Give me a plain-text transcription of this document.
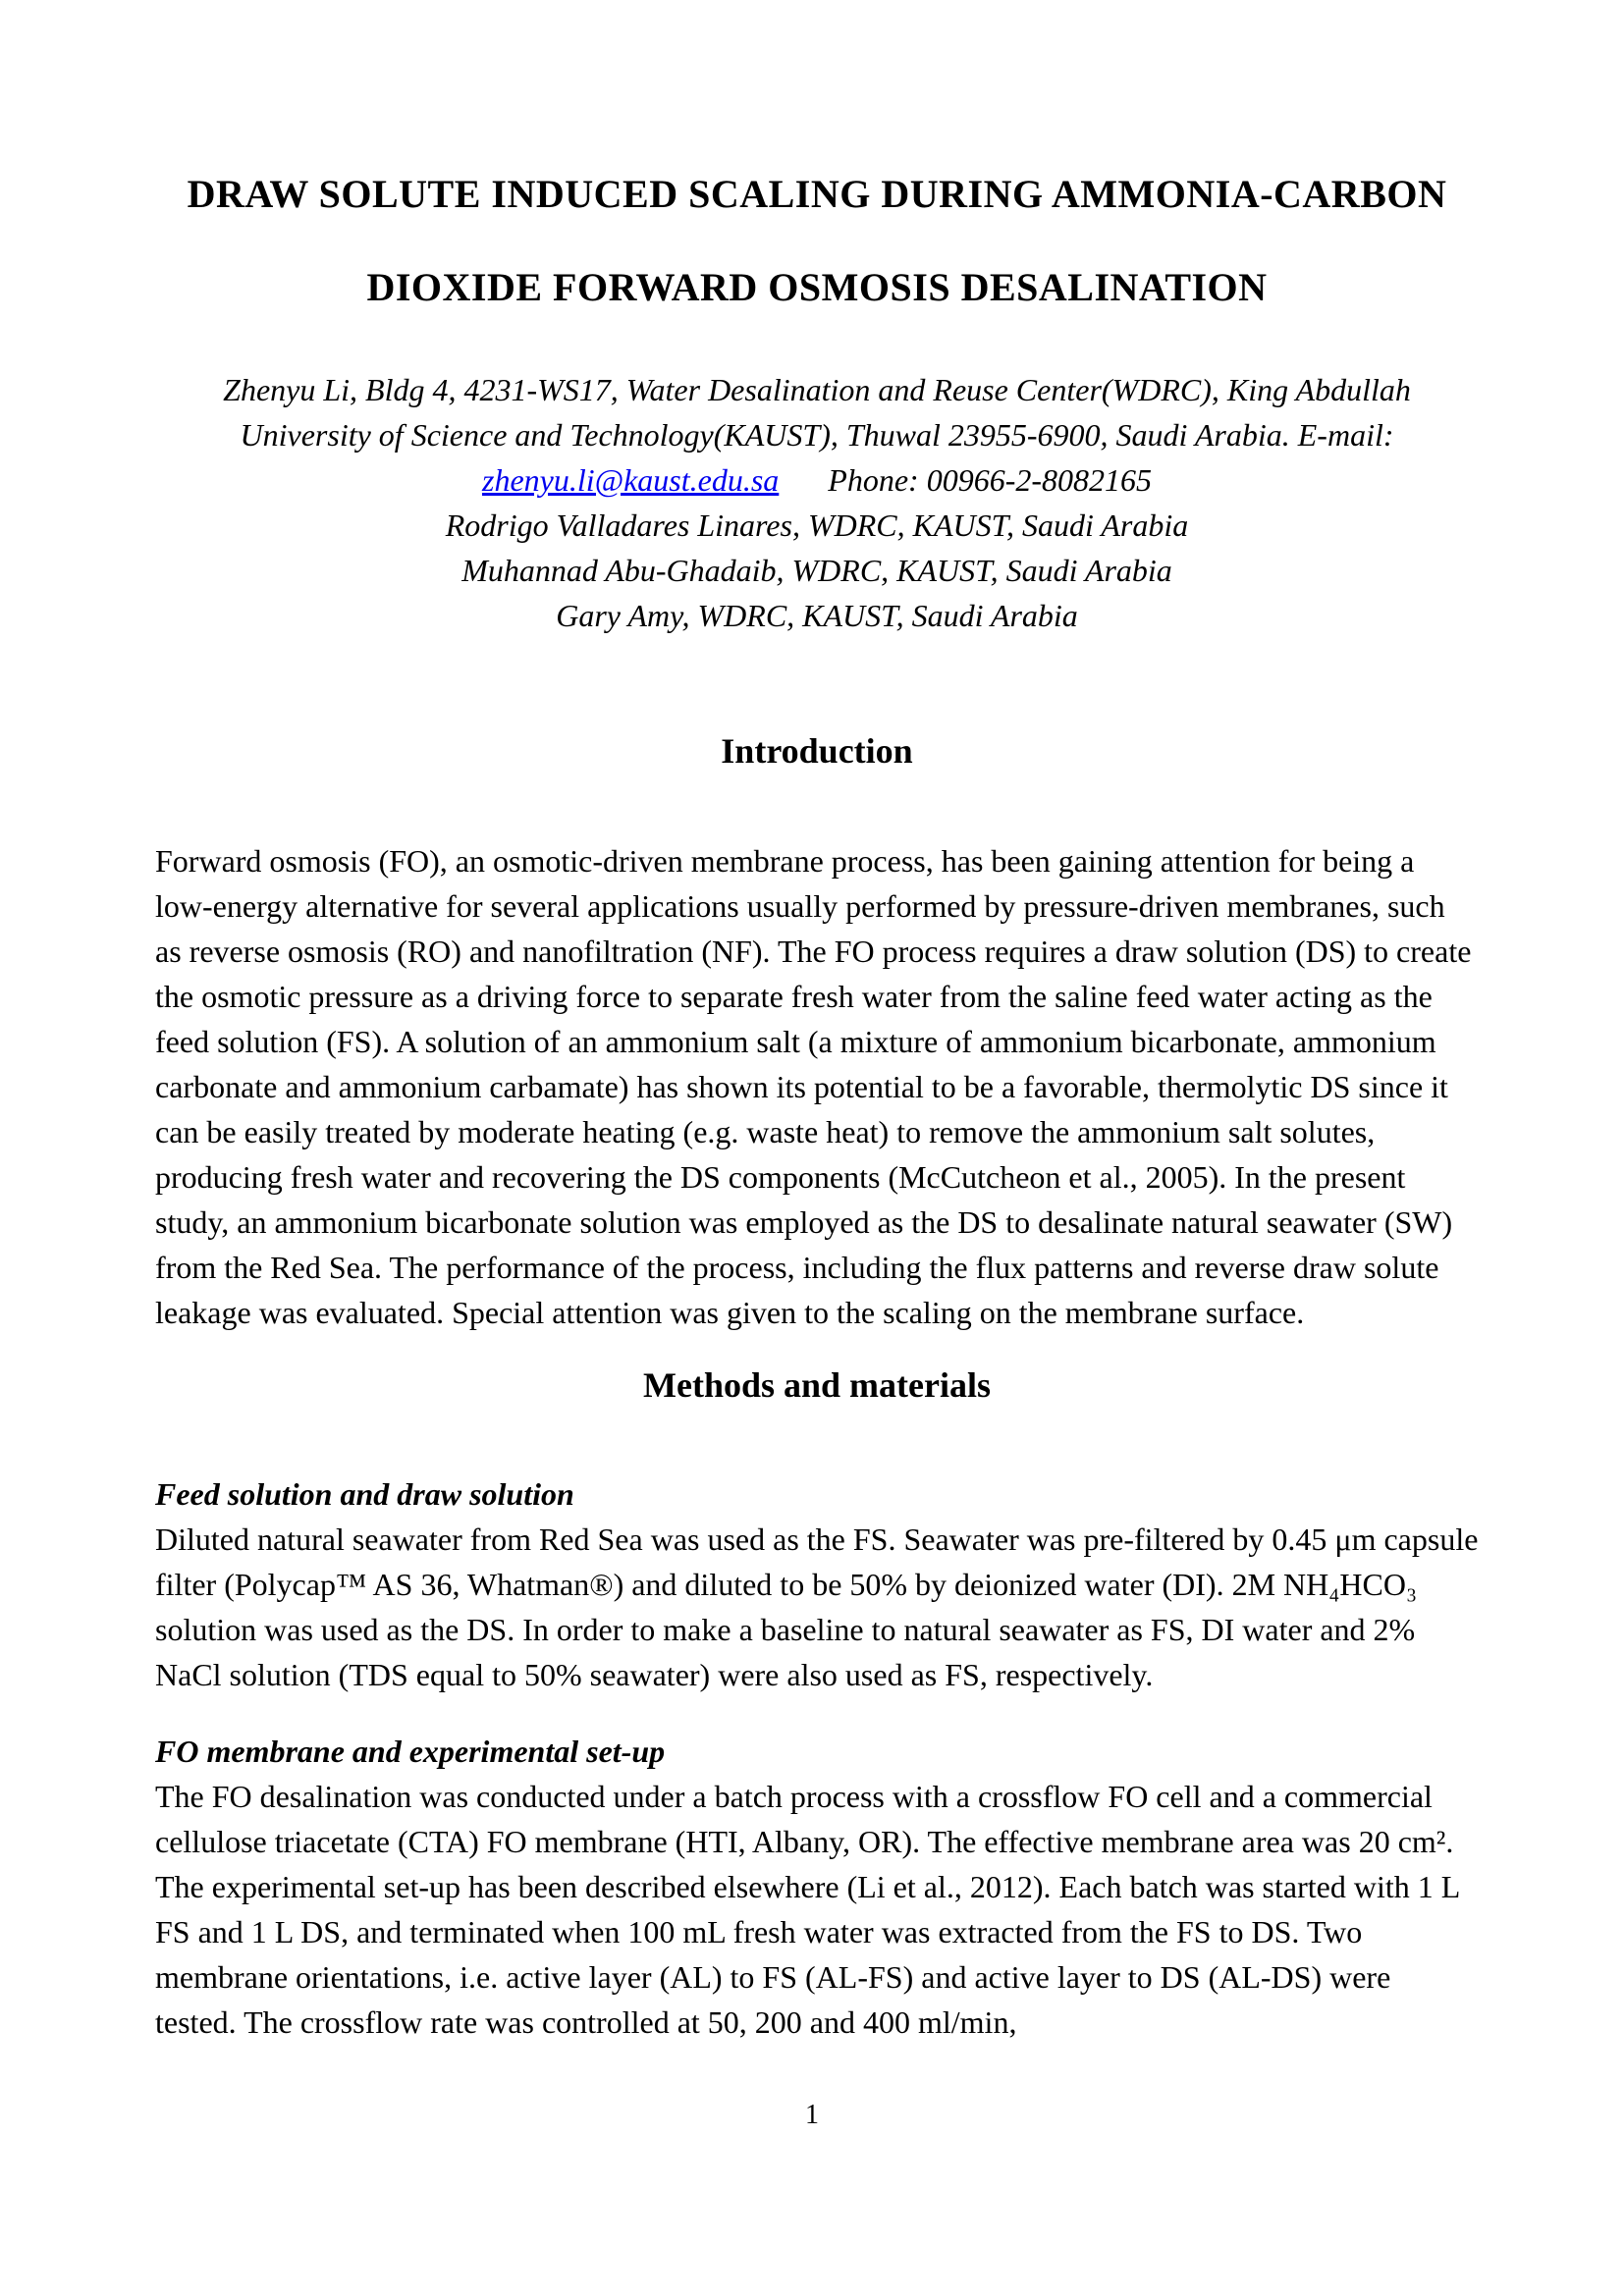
DRAW SOLUTE INDUCED SCALING DURING AMMONIA-CARBON
DIOXIDE FORWARD OSMOSIS DESALINATION

Zhenyu Li, Bldg 4, 4231-WS17, Water Desalination and Reuse Center(WDRC), King Abdullah University of Science and Technology(KAUST), Thuwal 23955-6900, Saudi Arabia. E-mail:

zhenyu.li@kaust.edu.sa Phone: 00966-2-8082165

Rodrigo Valladares Linares, WDRC, KAUST, Saudi Arabia

Muhannad Abu-Ghadaib, WDRC, KAUST, Saudi Arabia

Gary Amy, WDRC, KAUST, Saudi Arabia

Introduction

Forward osmosis (FO), an osmotic-driven membrane process, has been gaining attention for being a low-energy alternative for several applications usually performed by pressure-driven membranes, such as reverse osmosis (RO) and nanofiltration (NF). The FO process requires a draw solution (DS) to create the osmotic pressure as a driving force to separate fresh water from the saline feed water acting as the feed solution (FS). A solution of an ammonium salt (a mixture of ammonium bicarbonate, ammonium carbonate and ammonium carbamate) has shown its potential to be a favorable, thermolytic DS since it can be easily treated by moderate heating (e.g. waste heat) to remove the ammonium salt solutes, producing fresh water and recovering the DS components (McCutcheon et al., 2005). In the present study, an ammonium bicarbonate solution was employed as the DS to desalinate natural seawater (SW) from the Red Sea. The performance of the process, including the flux patterns and reverse draw solute leakage was evaluated. Special attention was given to the scaling on the membrane surface.

Methods and materials
Feed solution and draw solution

Diluted natural seawater from Red Sea was used as the FS. Seawater was pre-filtered by 0.45 μm capsule filter (Polycap™ AS 36, Whatman®) and diluted to be 50% by deionized water (DI). 2M NH₄HCO₃ solution was used as the DS. In order to make a baseline to natural seawater as FS, DI water and 2% NaCl solution (TDS equal to 50% seawater) were also used as FS, respectively.

FO membrane and experimental set-up

The FO desalination was conducted under a batch process with a crossflow FO cell and a commercial cellulose triacetate (CTA) FO membrane (HTI, Albany, OR). The effective membrane area was 20 cm². The experimental set-up has been described elsewhere (Li et al., 2012). Each batch was started with 1 L FS and 1 L DS, and terminated when 100 mL fresh water was extracted from the FS to DS. Two membrane orientations, i.e. active layer (AL) to FS (AL-FS) and active layer to DS (AL-DS) were tested. The crossflow rate was controlled at 50, 200 and 400 ml/min,

1
